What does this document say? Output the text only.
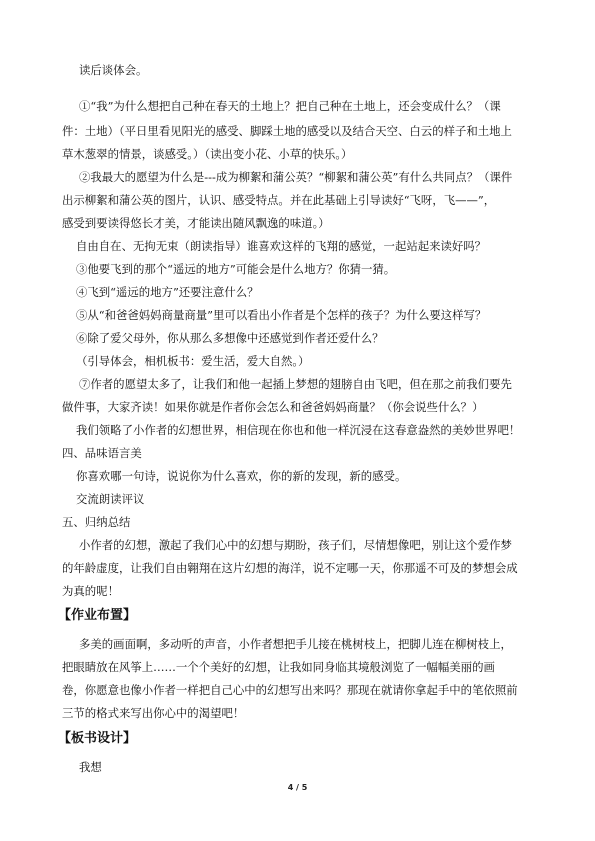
读后谈体会。
①“我”为什么想把自己种在春天的土地上？把自己种在土地上，还会变成什么？（课
件：土地）（平日里看见阳光的感受、脚踩土地的感受以及结合天空、白云的样子和土地上
草木葱翠的情景，谈感受。）（读出变小花、小草的快乐。）
②我最大的愿望为什么是---成为柳絮和蒲公英？“柳絮和蒲公英”有什么共同点？（课件
出示柳絮和蒲公英的图片，认识、感受特点。并在此基础上引导读好“飞呀，飞——”，
感受到要读得悠长才美，才能读出随风飘逸的味道。）
自由自在、无拘无束（朗读指导）谁喜欢这样的飞翔的感觉，一起站起来读好吗？
③他要飞到的那个“遥远的地方”可能会是什么地方？你猜一猜。
④飞到“遥远的地方”还要注意什么？
⑤从“和爸爸妈妈商量商量”里可以看出小作者是个怎样的孩子？为什么要这样写？
⑥除了爱父母外，你从那么多想像中还感觉到作者还爱什么？
（引导体会，相机板书：爱生活，爱大自然。）
⑦作者的愿望太多了，让我们和他一起插上梦想的翅膀自由飞吧，但在那之前我们要先
做件事，大家齐读！如果你就是作者你会怎么和爸爸妈妈商量？（你会说些什么？）
我们领略了小作者的幻想世界，相信现在你也和他一样沉浸在这春意盎然的美妙世界吧！
四、品味语言美
你喜欢哪一句诗，说说你为什么喜欢，你的新的发现，新的感受。
交流朗读评议
五、归纳总结
小作者的幻想，激起了我们心中的幻想与期盼，孩子们，尽情想像吧，别让这个爱作梦
的年龄虚度，让我们自由翱翔在这片幻想的海洋，说不定哪一天，你那遥不可及的梦想会成
为真的呢！
【作业布置】
多美的画面啊，多动听的声音，小作者想把手儿接在桃树枝上，把脚儿连在柳树枝上，
把眼睛放在风筝上……一个个美好的幻想，让我如同身临其境般浏览了一幅幅美丽的画
卷，你愿意也像小作者一样把自己心中的幻想写出来吗？那现在就请你拿起手中的笔依照前
三节的格式来写出你心中的渴望吧！
【板书设计】
我想
4 / 5
